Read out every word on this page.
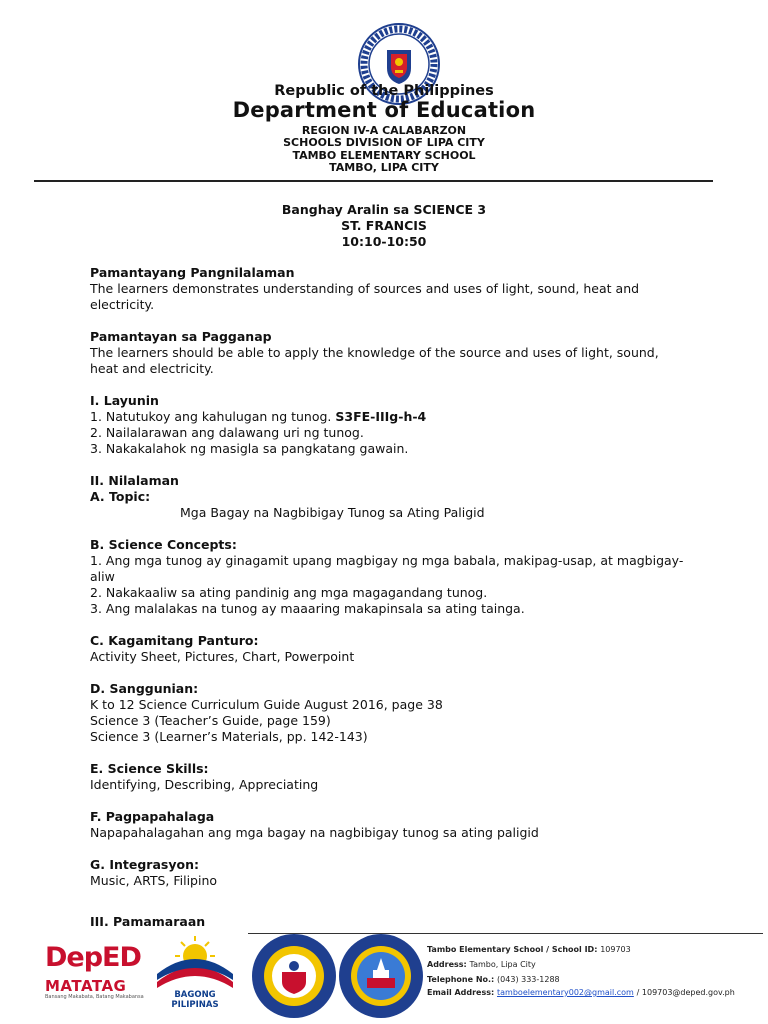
Republic of the Philippines
Department of Education
REGION IV-A CALABARZON
SCHOOLS DIVISION OF LIPA CITY
TAMBO ELEMENTARY SCHOOL
TAMBO, LIPA CITY
Banghay Aralin sa SCIENCE 3
ST. FRANCIS
10:10-10:50
Pamantayang Pangnilalaman
The learners demonstrates understanding of sources and uses of light, sound, heat and electricity.
Pamantayan sa Pagganap
The learners should be able to apply the knowledge of the source and uses of light, sound, heat and electricity.
I. Layunin
1. Natutukoy ang kahulugan ng tunog. S3FE-IIIg-h-4
2. Nailalarawan ang dalawang uri ng tunog.
3. Nakakalahok ng masigla sa pangkatang gawain.
II. Nilalaman
A. Topic:
Mga Bagay na Nagbibigay Tunog sa Ating Paligid
B. Science Concepts:
1. Ang mga tunog ay ginagamit upang magbigay ng mga babala, makipag-usap, at magbigay-aliw
2. Nakakaaliw sa ating pandinig ang mga magagandang tunog.
3. Ang malalakas na tunog ay maaaring makapinsala sa ating tainga.
C. Kagamitang Panturo:
Activity Sheet, Pictures, Chart, Powerpoint
D. Sanggunian:
K to 12 Science Curriculum Guide August 2016, page 38
Science 3 (Teacher’s Guide, page 159)
Science 3 (Learner’s Materials, pp. 142-143)
E. Science Skills:
Identifying, Describing, Appreciating
F. Pagpapahalaga
Napapahalagahan ang mga bagay na nagbibigay tunog sa ating paligid
G. Integrasyon:
Music, ARTS, Filipino
III. Pamamaraan
DepED
MATATAG
Bansang Makabata, Batang Makabansa	BAGONG PILIPINAS
Tambo Elementary School / School ID: 109703
Address: Tambo, Lipa City
Telephone No.: (043) 333-1288
Email Address: tamboelementary002@gmail.com / 109703@deped.gov.ph
